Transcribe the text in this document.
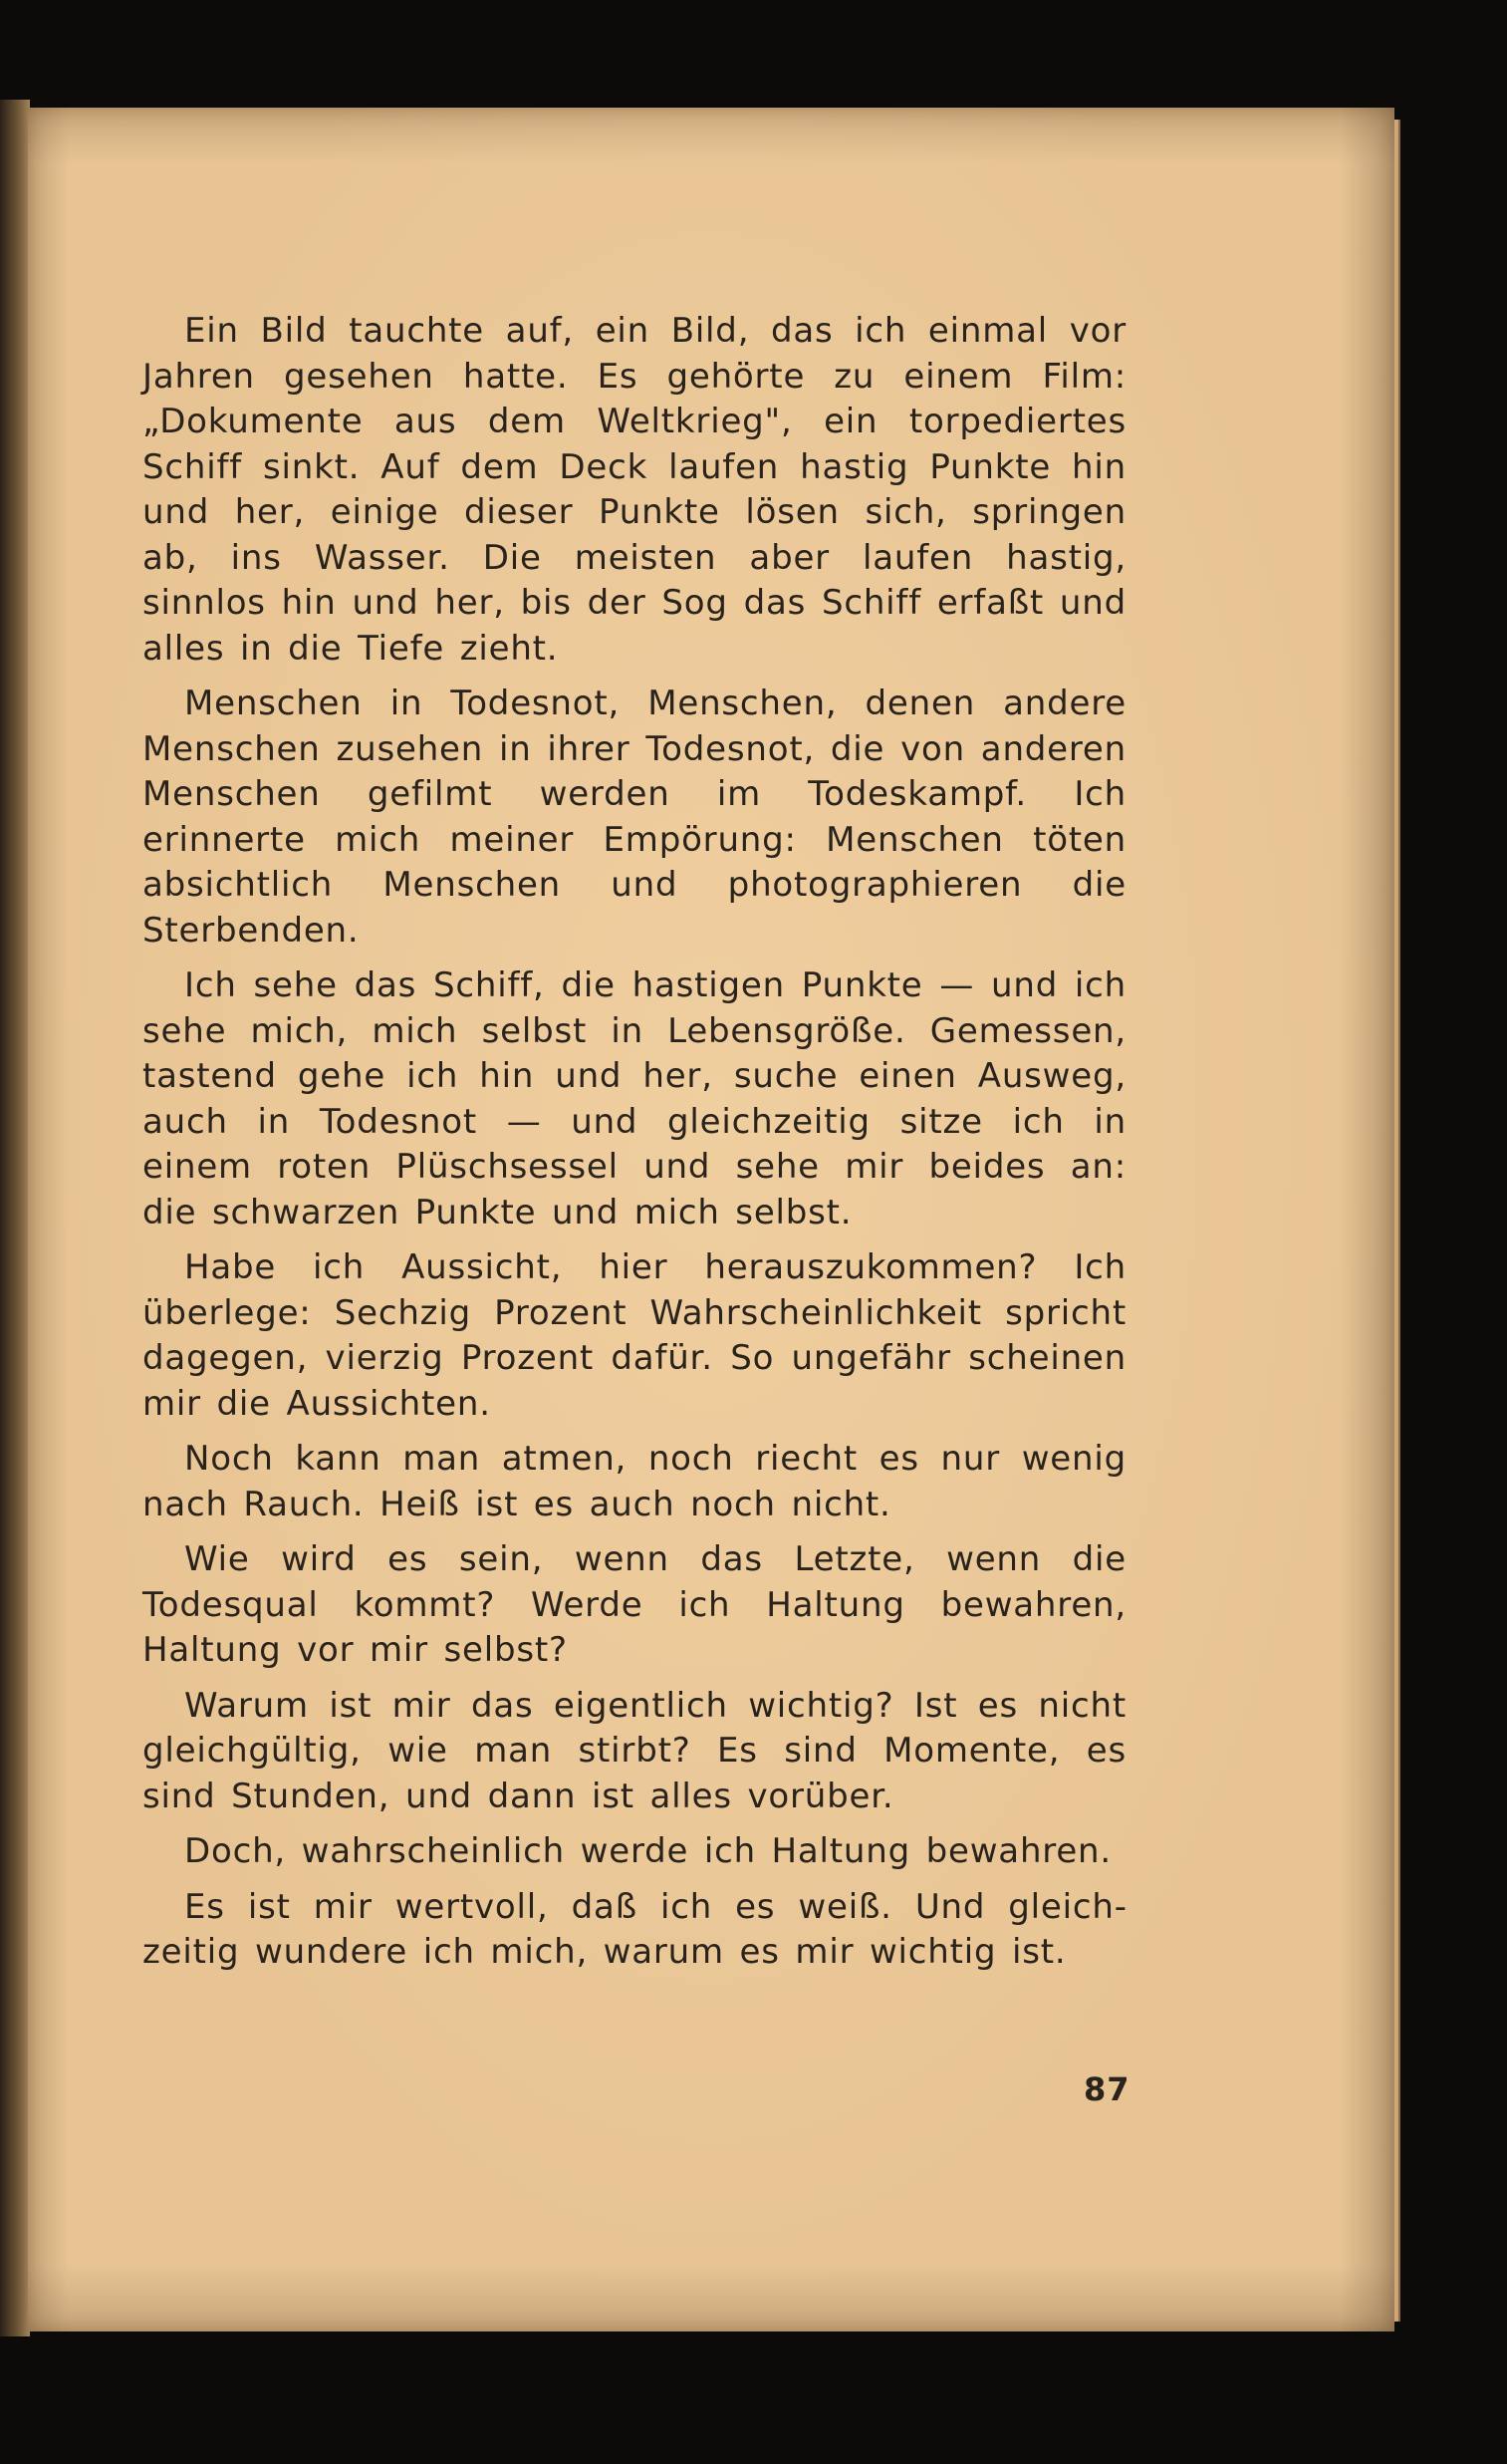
Ein Bild tauchte auf, ein Bild, das ich einmal vor Jahren gesehen hatte. Es gehörte zu einem Film: „Dokumente aus dem Weltkrieg", ein torpediertes Schiff sinkt. Auf dem Deck laufen hastig Punkte hin und her, einige dieser Punkte lösen sich, springen ab, ins Wasser. Die meisten aber laufen hastig, sinnlos hin und her, bis der Sog das Schiff erfaßt und alles in die Tiefe zieht.

Menschen in Todesnot, Menschen, denen andere Menschen zusehen in ihrer Todesnot, die von anderen Menschen gefilmt werden im Todeskampf. Ich erinnerte mich meiner Empörung: Menschen töten absichtlich Menschen und photographieren die Sterbenden.

Ich sehe das Schiff, die hastigen Punkte — und ich sehe mich, mich selbst in Lebensgröße. Gemessen, tastend gehe ich hin und her, suche einen Ausweg, auch in Todesnot — und gleichzeitig sitze ich in einem roten Plüschsessel und sehe mir beides an: die schwarzen Punkte und mich selbst.

Habe ich Aussicht, hier herauszukommen? Ich überlege: Sechzig Prozent Wahrscheinlichkeit spricht dagegen, vierzig Prozent dafür. So ungefähr scheinen mir die Aussichten.

Noch kann man atmen, noch riecht es nur wenig nach Rauch. Heiß ist es auch noch nicht.

Wie wird es sein, wenn das Letzte, wenn die Todesqual kommt? Werde ich Haltung bewahren, Haltung vor mir selbst?

Warum ist mir das eigentlich wichtig? Ist es nicht gleichgültig, wie man stirbt? Es sind Momente, es sind Stunden, und dann ist alles vorüber.

Doch, wahrscheinlich werde ich Haltung bewahren.

Es ist mir wertvoll, daß ich es weiß. Und gleichzeitig wundere ich mich, warum es mir wichtig ist.

87
